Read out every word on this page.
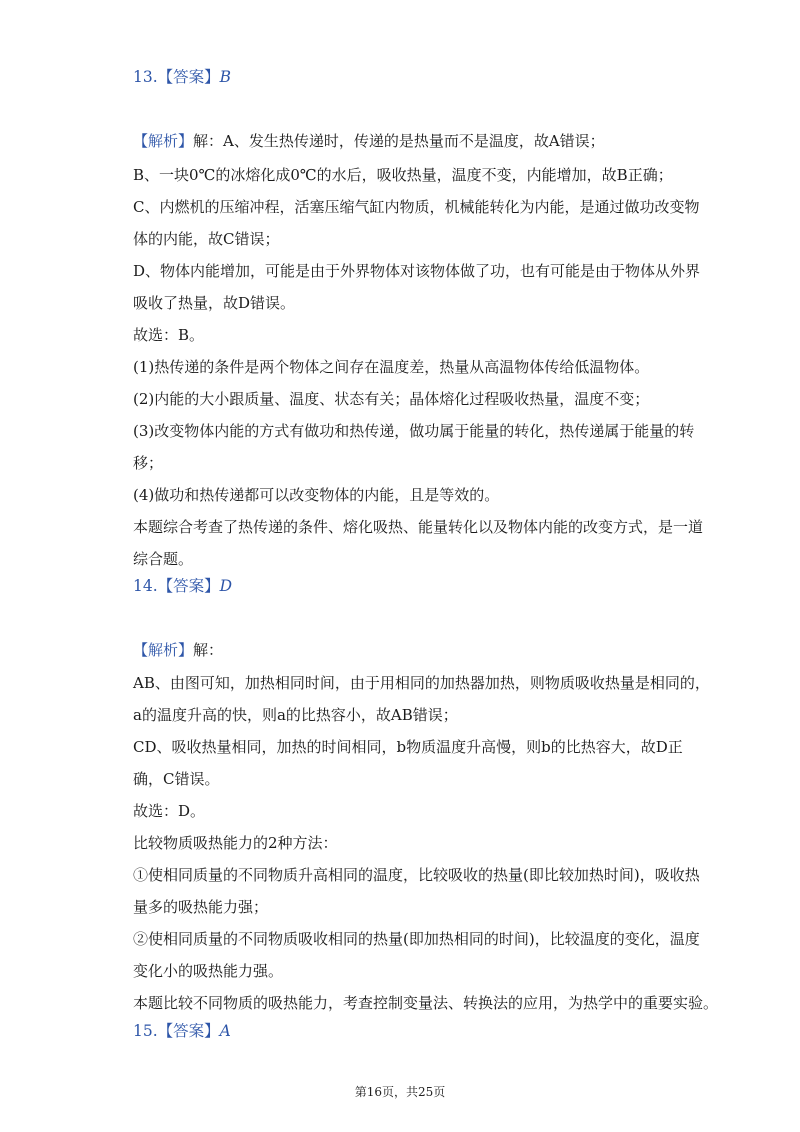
13.【答案】B
【解析】解：A、发生热传递时，传递的是热量而不是温度，故A错误；
B、一块0℃的冰熔化成0℃的水后，吸收热量，温度不变，内能增加，故B正确；
C、内燃机的压缩冲程，活塞压缩气缸内物质，机械能转化为内能，是通过做功改变物
体的内能，故C错误；
D、物体内能增加，可能是由于外界物体对该物体做了功，也有可能是由于物体从外界
吸收了热量，故D错误。
故选：B。
(1)热传递的条件是两个物体之间存在温度差，热量从高温物体传给低温物体。
(2)内能的大小跟质量、温度、状态有关；晶体熔化过程吸收热量，温度不变；
(3)改变物体内能的方式有做功和热传递，做功属于能量的转化，热传递属于能量的转
移；
(4)做功和热传递都可以改变物体的内能，且是等效的。
本题综合考查了热传递的条件、熔化吸热、能量转化以及物体内能的改变方式，是一道
综合题。
14.【答案】D
【解析】解：
AB、由图可知，加热相同时间，由于用相同的加热器加热，则物质吸收热量是相同的，
a的温度升高的快，则a的比热容小，故AB错误；
CD、吸收热量相同，加热的时间相同，b物质温度升高慢，则b的比热容大，故D正
确，C错误。
故选：D。
比较物质吸热能力的2种方法：
①使相同质量的不同物质升高相同的温度，比较吸收的热量(即比较加热时间)，吸收热
量多的吸热能力强；
②使相同质量的不同物质吸收相同的热量(即加热相同的时间)，比较温度的变化，温度
变化小的吸热能力强。
本题比较不同物质的吸热能力，考查控制变量法、转换法的应用，为热学中的重要实验。
15.【答案】A
第16页，共25页
